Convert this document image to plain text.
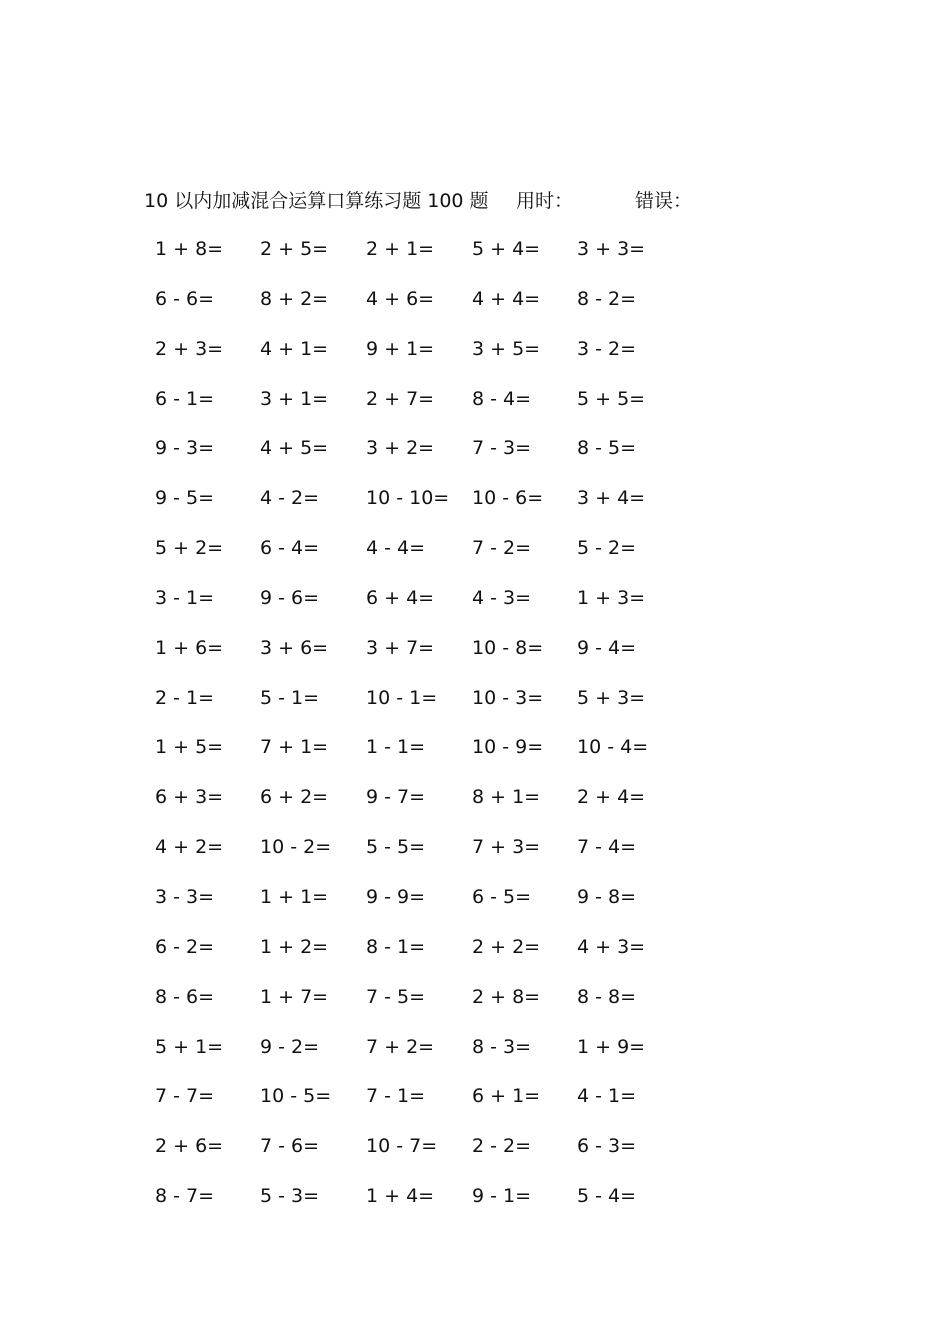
10 以内加减混合运算口算练习题 100 题 用时：	错误：
1 + 8= 2 + 5= 2 + 1= 5 + 4= 3 + 3=
6 - 6= 8 + 2= 4 + 6= 4 + 4= 8 - 2=
2 + 3= 4 + 1= 9 + 1= 3 + 5= 3 - 2=
6 - 1= 3 + 1= 2 + 7= 8 - 4= 5 + 5=
9 - 3= 4 + 5= 3 + 2= 7 - 3= 8 - 5=
9 - 5= 4 - 2= 10 - 10= 10 - 6= 3 + 4=
5 + 2= 6 - 4= 4 - 4= 7 - 2= 5 - 2=
3 - 1= 9 - 6= 6 + 4= 4 - 3= 1 + 3=
1 + 6= 3 + 6= 3 + 7= 10 - 8= 9 - 4=
2 - 1= 5 - 1= 10 - 1= 10 - 3= 5 + 3=
1 + 5= 7 + 1= 1 - 1= 10 - 9= 10 - 4=
6 + 3= 6 + 2= 9 - 7= 8 + 1= 2 + 4=
4 + 2= 10 - 2= 5 - 5= 7 + 3= 7 - 4=
3 - 3= 1 + 1= 9 - 9= 6 - 5= 9 - 8=
6 - 2= 1 + 2= 8 - 1= 2 + 2= 4 + 3=
8 - 6= 1 + 7= 7 - 5= 2 + 8= 8 - 8=
5 + 1= 9 - 2= 7 + 2= 8 - 3= 1 + 9=
7 - 7= 10 - 5= 7 - 1= 6 + 1= 4 - 1=
2 + 6= 7 - 6= 10 - 7= 2 - 2= 6 - 3=
8 - 7= 5 - 3= 1 + 4= 9 - 1= 5 - 4=
